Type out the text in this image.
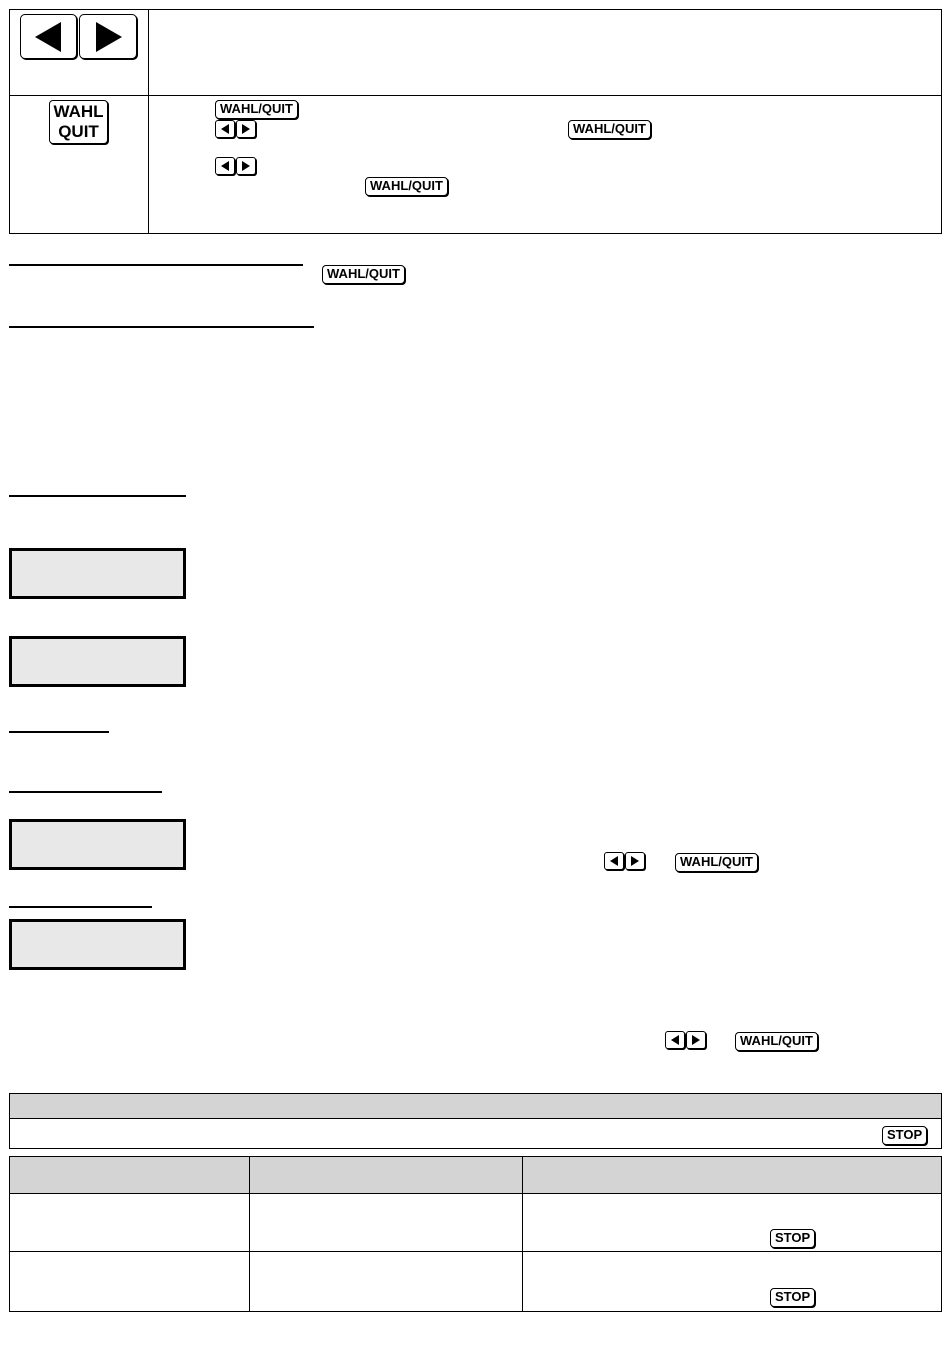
WAHL
QUIT
WAHL/QUIT
WAHL/QUIT
WAHL/QUIT
WAHL/QUIT
WAHL/QUIT
WAHL/QUIT
STOP
STOP
STOP
